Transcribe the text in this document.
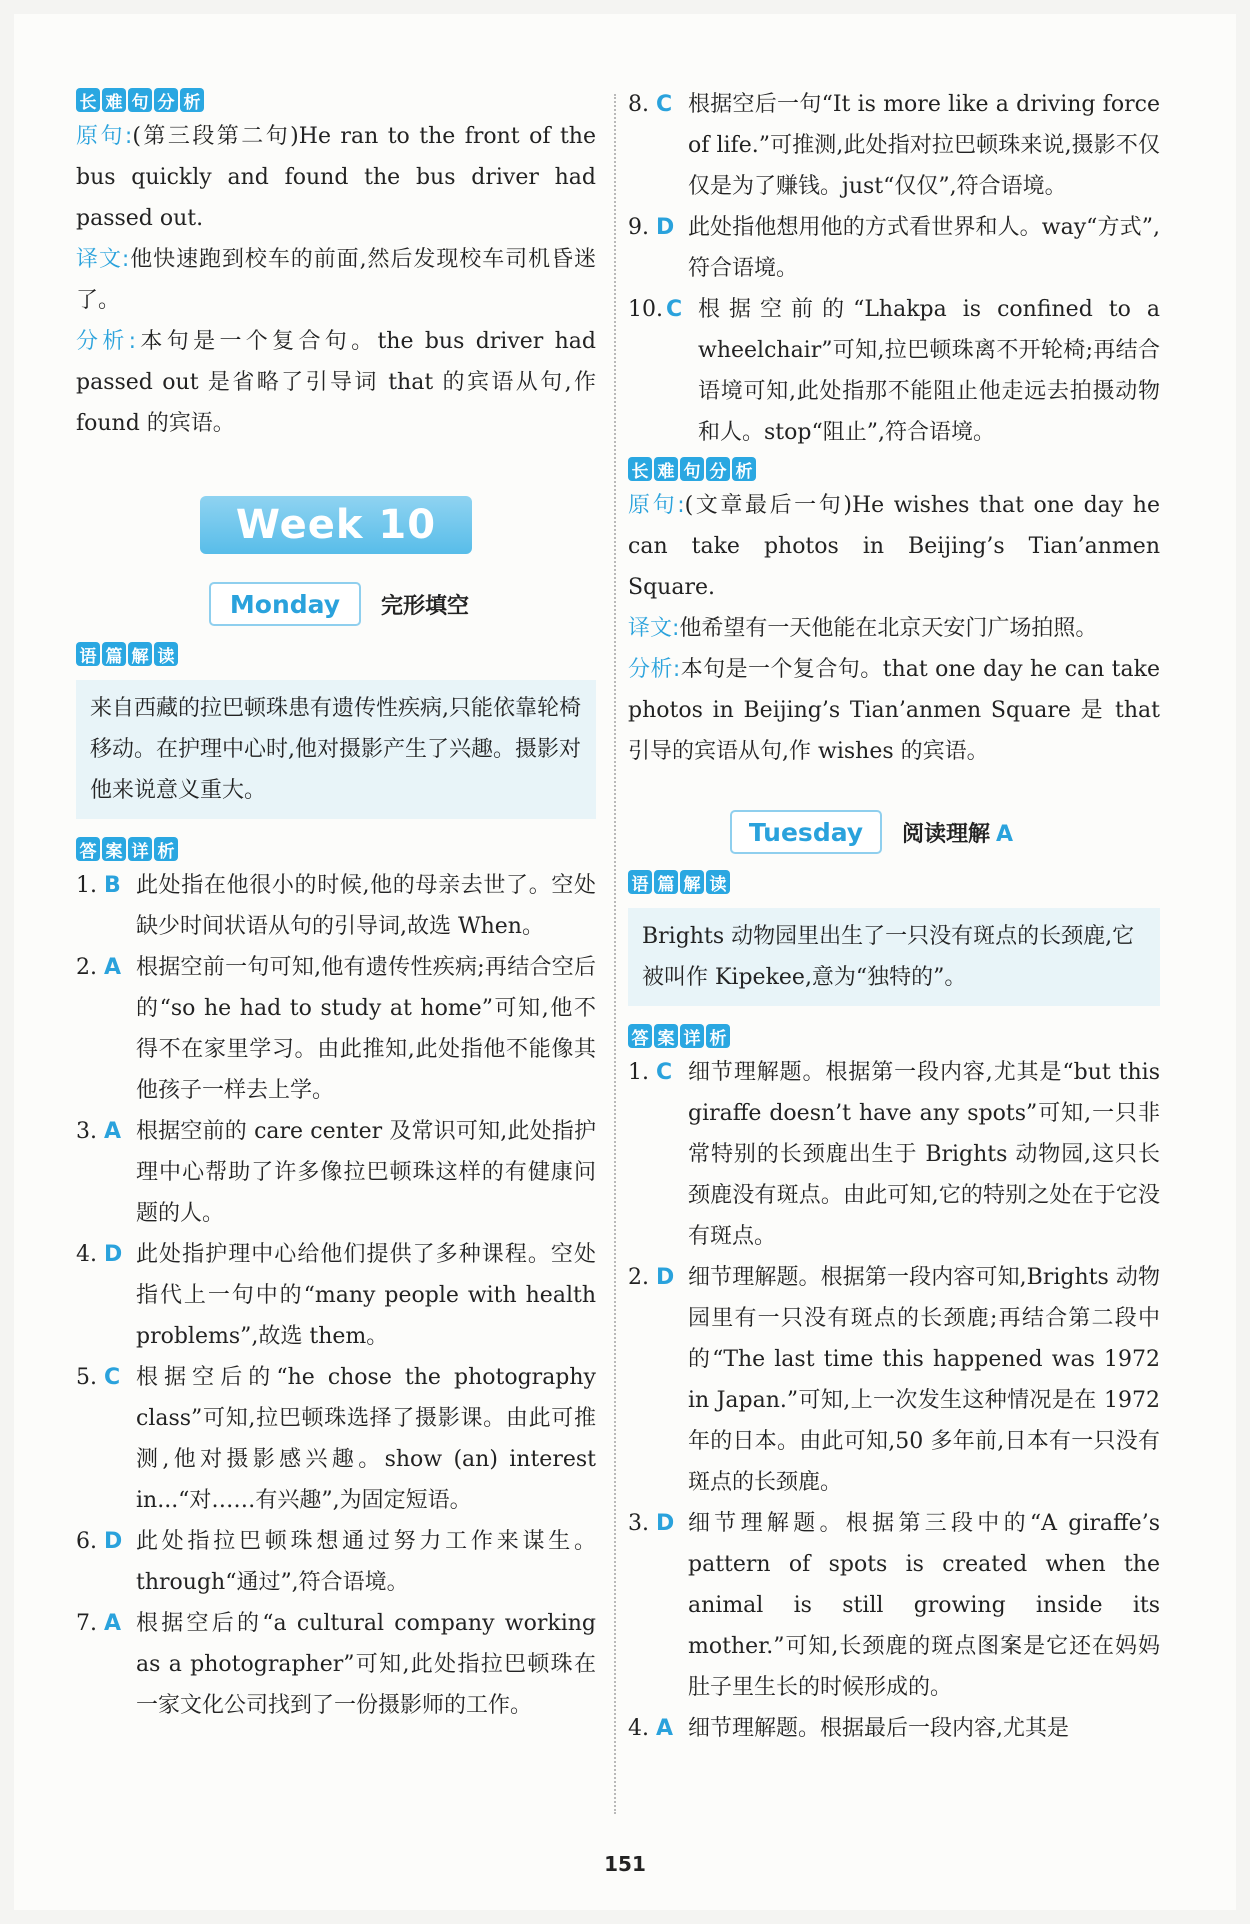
长 难 句 分 析

原句:(第三段第二句)He ran to the front of the bus quickly and found the bus driver had passed out.

译文:他快速跑到校车的前面,然后发现校车司机昏迷了。

分析:本句是一个复合句。the bus driver had passed out 是省略了引导词 that 的宾语从句,作 found 的宾语。

Week 10
Monday	完形填空
语 篇 解 读
来自西藏的拉巴顿珠患有遗传性疾病,只能依靠轮椅移动。在护理中心时,他对摄影产生了兴趣。摄影对他来说意义重大。
答 案 详 析
1. B 此处指在他很小的时候,他的母亲去世了。空处缺少时间状语从句的引导词,故选 When。
2. A 根据空前一句可知,他有遗传性疾病;再结合空后的“so he had to study at home”可知,他不得不在家里学习。由此推知,此处指他不能像其他孩子一样去上学。
3. A 根据空前的 care center 及常识可知,此处指护理中心帮助了许多像拉巴顿珠这样的有健康问题的人。
4. D 此处指护理中心给他们提供了多种课程。空处指代上一句中的“many people with health problems”,故选 them。
5. C 根据空后的“he chose the photography class”可知,拉巴顿珠选择了摄影课。由此可推测,他对摄影感兴趣。show (an) interest in...“对……有兴趣”,为固定短语。
6. D 此处指拉巴顿珠想通过努力工作来谋生。through“通过”,符合语境。
7. A 根据空后的“a cultural company working as a photographer”可知,此处指拉巴顿珠在一家文化公司找到了一份摄影师的工作。
8. C 根据空后一句“It is more like a driving force of life.”可推测,此处指对拉巴顿珠来说,摄影不仅仅是为了赚钱。just“仅仅”,符合语境。
9. D 此处指他想用他的方式看世界和人。way“方式”,符合语境。
10. C 根据空前的“Lhakpa is confined to a wheelchair”可知,拉巴顿珠离不开轮椅;再结合语境可知,此处指那不能阻止他走远去拍摄动物和人。stop“阻止”,符合语境。
长 难 句 分 析

原句:(文章最后一句)He wishes that one day he can take photos in Beijing’s Tian’anmen Square.

译文:他希望有一天他能在北京天安门广场拍照。

分析:本句是一个复合句。that one day he can take photos in Beijing’s Tian’anmen Square 是 that 引导的宾语从句,作 wishes 的宾语。

Tuesday	阅读理解 A
语 篇 解 读
Brights 动物园里出生了一只没有斑点的长颈鹿,它被叫作 Kipekee,意为“独特的”。
答 案 详 析
1. C 细节理解题。根据第一段内容,尤其是“but this giraffe doesn’t have any spots”可知,一只非常特别的长颈鹿出生于 Brights 动物园,这只长颈鹿没有斑点。由此可知,它的特别之处在于它没有斑点。
2. D 细节理解题。根据第一段内容可知,Brights 动物园里有一只没有斑点的长颈鹿;再结合第二段中的“The last time this happened was 1972 in Japan.”可知,上一次发生这种情况是在 1972 年的日本。由此可知,50 多年前,日本有一只没有斑点的长颈鹿。
3. D 细节理解题。根据第三段中的“A giraffe’s pattern of spots is created when the animal is still growing inside its mother.”可知,长颈鹿的斑点图案是它还在妈妈肚子里生长的时候形成的。
4. A 细节理解题。根据最后一段内容,尤其是
151
